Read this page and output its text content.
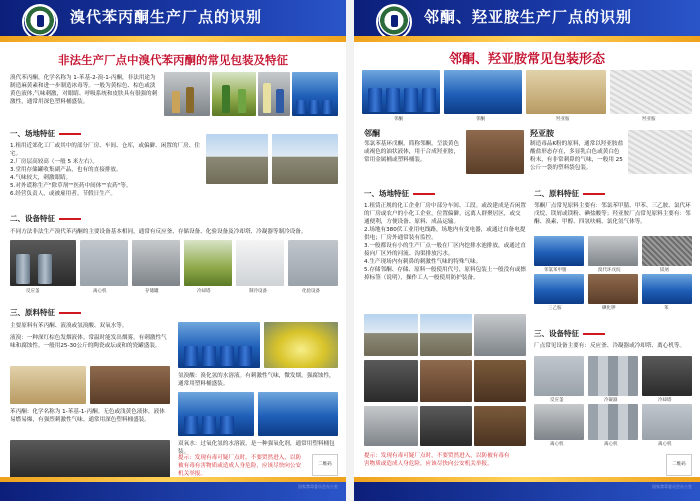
溴代苯丙酮生产厂点的识别
非法生产厂点中溴代苯丙酮的常见包装及特征
溴代苯丙酮，化学名称为 1-苯基-2-溴-1-丙酮，非法用途为制造麻黄素和进一步制造冰毒等。一般为黄棕色、棕色或淡黄色液体,气味刺激，对眼睛、呼吸系统和皮肤具有很强的刺激性，通常用深色塑料桶盛装。
一、场地特征
1.租用近郊化工厂或其中的部分厂房、车间、仓库，或偏僻、闲置的厂房、住宅。
2.厂房层高较高（一般 5 米左右）。
3.堂用存储罐收集副产品，也有的直接排放。
4.气味较大，刺激眼睛。
5.对外谎称生产"除草剂""医药中间体""农药"等。
6.经营负责人，或被雇用者。节假日生产。
二、设备特征
不同方法非法生产溴代苯丙酮的主要设备基本相同，通常有反应釜、存储设备、化验设备及冷却塔、冷凝器等制冷设备。
反应釜	离心机	存储罐	冷却塔	制冷设备	化验设备
三、原料特征
主要原料有苯丙酮、液溴或氢溴酸、双氧水等。
液溴：一种深红棕色发烟液体。常温时能发出烟雾，有刺激性气味和腐蚀性。一般用25-30公斤的陶瓷或坛或和的瓷罐盛装。
苯丙酮：化学名称为 1-苯基-1-丙酮。无色或浅黄色液体，液体易燃易爆，有强烈刺激性气味。通常用深色塑料桶盛装。
氢溴酸：溴化氢的水溶液。有刺激性气味，微发烟。强腐蚀性，通常用塑料桶盛装。
双氧水：过氧化氢的水溶液，是一种强氧化剂，通常用塑料桶包装。
提示：发现有毒可疑厂点时，不要贸然进入，以防被有毒有害物质或造成人身危险，应该尽快向公安机关举报。
二维码
国家禁毒委员会办公室
邻酮、羟亚胺生产厂点的识别
邻酮、羟亚胺常见包装形态
邻酮	邻酮	羟亚胺	羟亚胺
邻酮
邻氯苯基环戊酮，简称邻酮，呈淡黄色或褐色的油状液体，用于合成羟亚胺，常用金属桶或塑料桶装。
羟亚胺
制造毒品K粉的原料，通常以羟亚胺盐酸盐形态存在，多显乳白色或黄白色粉末，有非常刺鼻的气味，一般用 25 公斤一袋的塑料袋包装。
一、场地特征
1.租赁正规的化工企业厂房中部分车间、工段。或改建成是否闲置的厂房或农户的小化工企业，位置偏僻，远离人群聚居区，或交通便利，方便设备、原料、成品运输。
2.场地有380伏工业用电线路，场地内有变电器，或通过自备电提供电；厂房外通常装有监控。
3.一般都设有小的生产厂点一般在厂区内挖排水池排放，或通过直接向厂区外的河流、沟渠排放污水。
4.生产现场内有刺鼻的刺激性气味的特殊气味。
5.存储邻酮、存储、原料一般使用代号，原料包装上一般没有或擦掉标签（说明），操作工人一般使用防护装备。
二、原料特征
邻酮厂点常见原料主要有：邻氯苯甲腈、甲苯、三乙胺、氯代环戊烷、镁屑或镁粉、碘盐酸等；羟亚胺厂点常见原料主要有：邻酮、溴素、甲醇、四氢呋喃、氯化氢气体等。
邻氯苯甲腈	溴代环戊烷	镁屑
三乙胺	碘化钾	苯
三、设备特征
厂点常见设备主要有：反应釜、冷凝器或冷却塔、离心机等。
反应釜	冷凝器	冷却塔
离心机	离心机	离心机
提示：发现有毒可疑厂点时，不要贸然进入，以防被有毒有害物质或造成人身危险，应该尽快向公安机关举报。	二维码
国家禁毒委员会办公室
